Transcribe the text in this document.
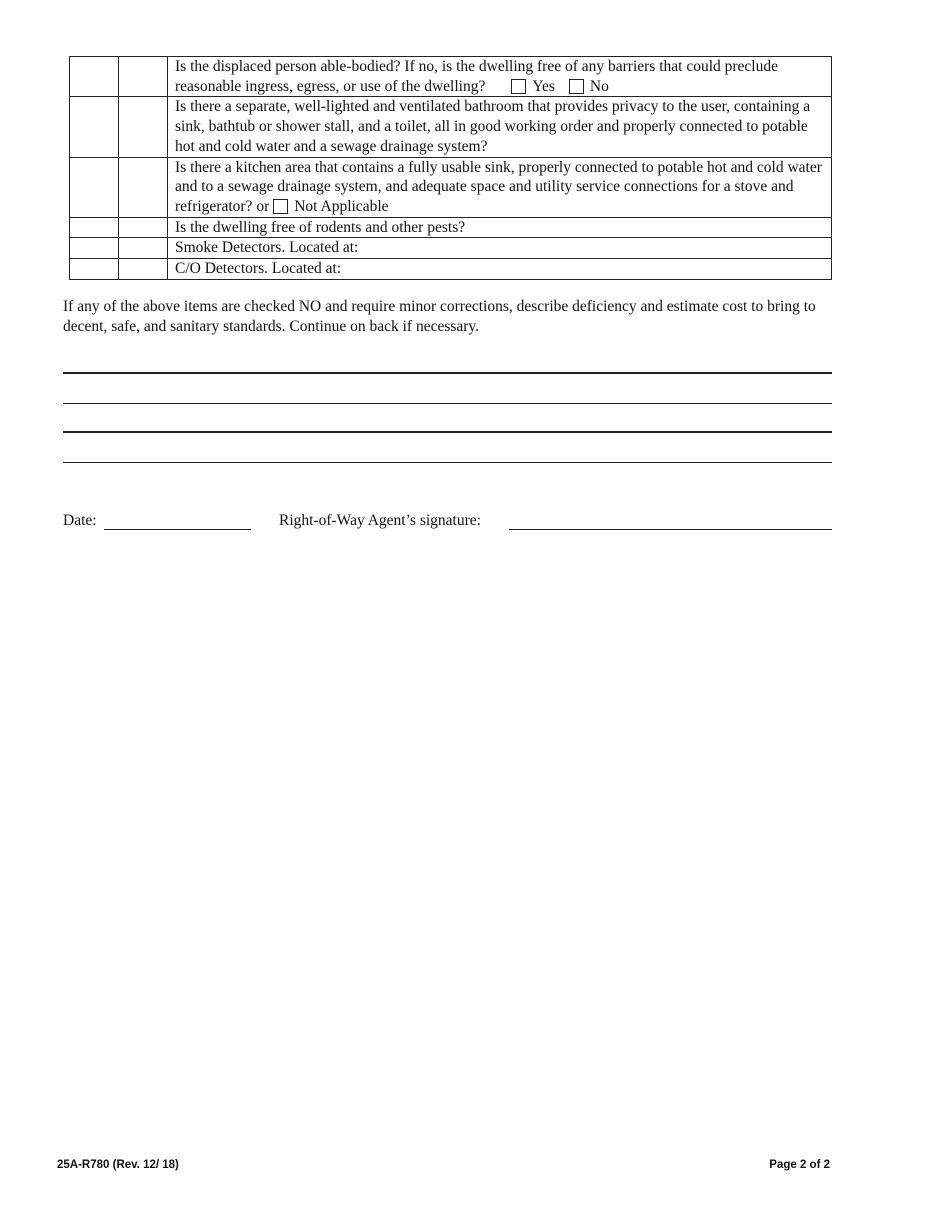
		Is the displaced person able-bodied? If no, is the dwelling free of any barriers that could preclude reasonable ingress, egress, or use of the dwelling? Yes No
		Is there a separate, well-lighted and ventilated bathroom that provides privacy to the user, containing a sink, bathtub or shower stall, and a toilet, all in good working order and properly connected to potable hot and cold water and a sewage drainage system?
		Is there a kitchen area that contains a fully usable sink, properly connected to potable hot and cold water and to a sewage drainage system, and adequate space and utility service connections for a stove and refrigerator? or Not Applicable
		Is the dwelling free of rodents and other pests?
		Smoke Detectors. Located at:
		C/O Detectors. Located at:
If any of the above items are checked NO and require minor corrections, describe deficiency and estimate cost to bring to decent, safe, and sanitary standards. Continue on back if necessary.
Date:	Right-of-Way Agent’s signature:
25A-R780 (Rev. 12/ 18)	Page 2 of 2
